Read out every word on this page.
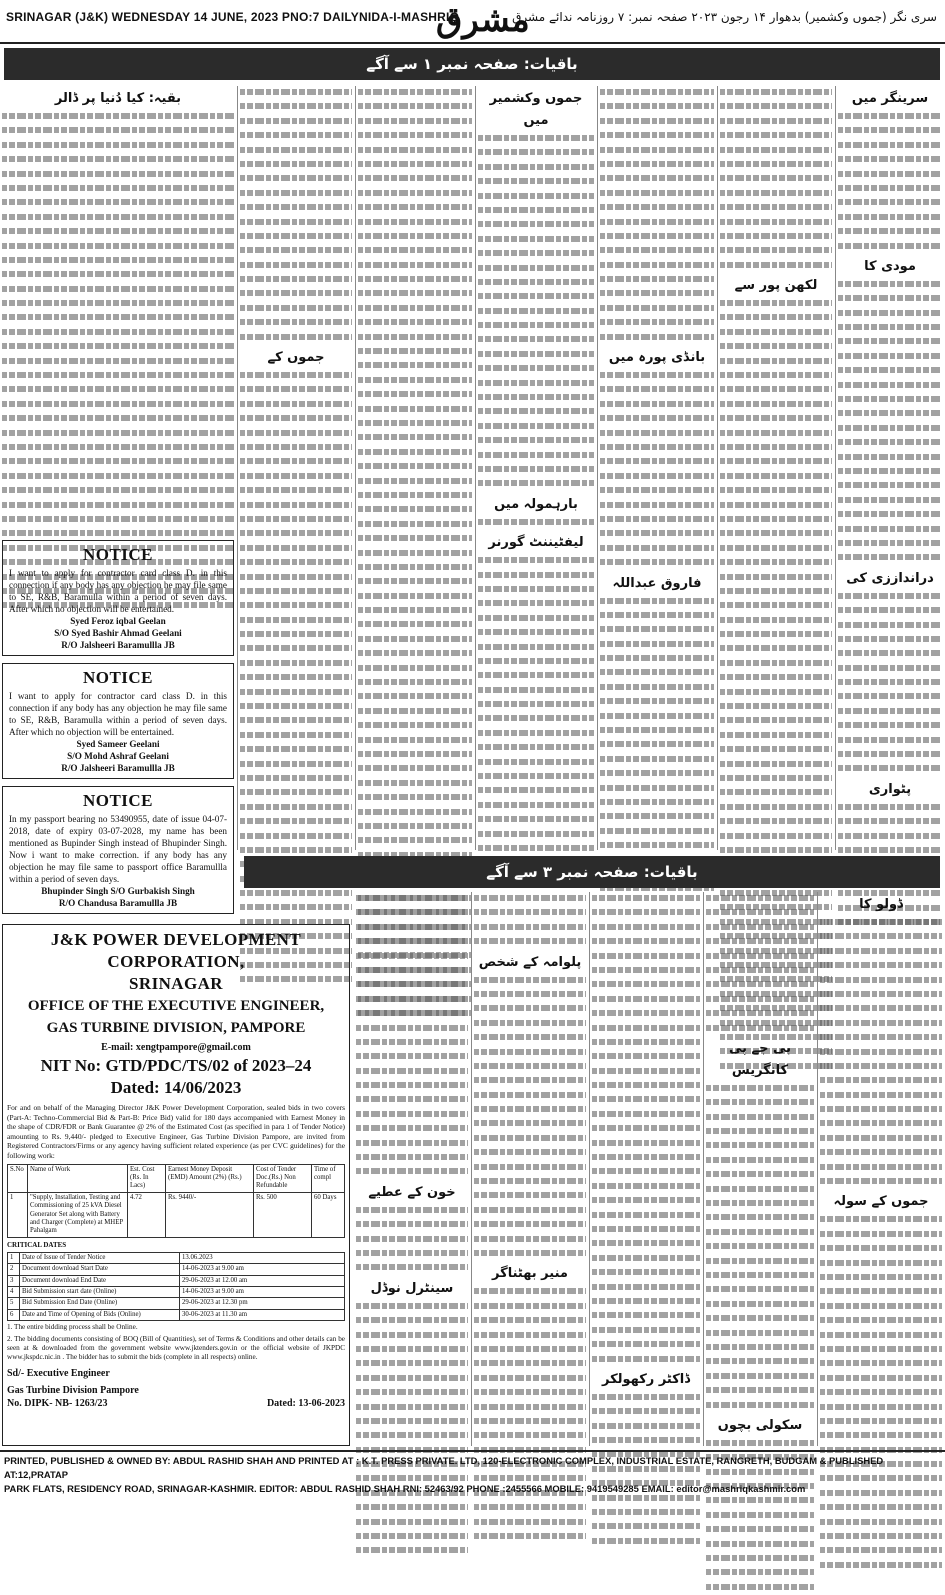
SRINAGAR (J&K) WEDNESDAY 14 JUNE, 2023 PNO:7 DAILYNIDA-I-MASHRIQ
مشرق
سری نگر (جموں وکشمیر) بدھوار ۱۴ رجون ۲۰۲۳ صفحہ نمبر: ۷ روزنامہ ندائے مشرق
باقیات: صفحہ نمبر ۱ سے آگے
سرینگر میں
مودی کا
درانداززی کی
پٹواری
لکھن پور سے
بانڈی پورہ میں
فاروق عبداللہ
جموں وکشمیر میں
بارہمولہ میں
لیفٹیننٹ گورنر
جموں کے
بقیہ: کیا دُنیا پر ڈالر
NOTICE
I want to apply for contractor card class D. in this connection if any body has any objection he may file same to SE, R&B, Baramulla within a period of seven days. After which no objection will be entertained.
Syed Feroz iqbal Geelan
S/O Syed Bashir Ahmad Geelani
R/O Jalsheeri Baramullla JB
NOTICE
I want to apply for contractor card class D. in this connection if any body has any objection he may file same to SE, R&B, Baramulla within a period of seven days. After which no objection will be entertained.
Syed Sameer Geelani
S/O Mohd Ashraf Geelani
R/O Jalsheeri Baramullla JB
NOTICE
In my passport bearing no 53490955, date of issue 04-07-2018, date of expiry 03-07-2028, my name has been mentioned as Bupinder Singh instead of Bhupinder Singh. Now i want to make correction. if any body has any objection he may file same to passport office Baramullla within a period of seven days.
Bhupinder Singh S/O Gurbakish Singh
R/O Chandusa Baramullla JB
باقیات: صفحہ نمبر ۳ سے آگے
ڈولو کا
جموں کے سولہ
بی جے پی کانگریس
سکولی بچوں
ڈاکٹر رکھولکر
پلوامہ کے شخص
منیر بھٹناگر
خون کے عطیے
سینٹرل نوڈل
J&K POWER DEVELOPMENT
CORPORATION,
SRINAGAR
OFFICE OF THE EXECUTIVE ENGINEER,
GAS TURBINE DIVISION, PAMPORE
E-mail: xengtpampore@gmail.com
NIT No: GTD/PDC/TS/02 of 2023–24
Dated: 14/06/2023
For and on behalf of the Managing Director J&K Power Development Corporation, sealed bids in two covers (Part-A: Techno-Commercial Bid & Part-B: Price Bid) valid for 180 days accompanied with Earnest Money in the shape of CDR/FDR or Bank Guarantee @ 2% of the Estimated Cost (as specified in para 1 of Tender Notice) amounting to Rs. 9,440/- pledged to Executive Engineer, Gas Turbine Division Pampore, are invited from Registered Contractors/Firms or any agency having sufficient related experience (as per CVC guidelines) for the following work:
S.No	Name of Work	Est. Cost (Rs. In Lacs)	Earnest Money Deposit (EMD) Amount (2%) (Rs.)	Cost of Tender Doc.(Rs.) Non Refundable	Time of compl
1	"Supply, Installation, Testing and Commissioning of 25 kVA Diesel Generator Set along with Battery and Charger (Complete) at MHEP Pahalgam	4.72	Rs. 9440/-	Rs. 500	60 Days
CRITICAL DATES
1	Date of Issue of Tender Notice	13.06.2023
2	Document download Start Date	14-06-2023 at 9.00 am
3	Document download End Date	29-06-2023 at 12.00 am
4	Bid Submission start date (Online)	14-06-2023 at 9.00 am
5	Bid Submission End Date (Online)	29-06-2023 at 12.30 pm
6	Date and Time of Opening of Bids (Online)	30-06-2023 at 11.30 am
1. The entire bidding process shall be Online.
2. The bidding documents consisting of BOQ (Bill of Quantities), set of Terms & Conditions and other details can be seen at & downloaded from the government website www.jktenders.gov.in or the official website of JKPDC www.jkspdc.nic.in . The bidder has to submit the bids (complete in all respects) online.
Sd/- Executive Engineer
Gas Turbine Division Pampore
No. DIPK- NB- 1263/23	Dated: 13-06-2023
PRINTED, PUBLISHED & OWNED BY: ABDUL RASHID SHAH AND PRINTED AT : K.T. PRESS PRIVATE. LTD, 120-ELECTRONIC COMPLEX, INDUSTRIAL ESTATE, RANGRETH, BUDGAM & PUBLISHED AT:12,PRATAP
PARK FLATS, RESIDENCY ROAD, SRINAGAR-KASHMIR. EDITOR: ABDUL RASHID SHAH RNI: 52463/92 PHONE :2455566 MOBILE: 9419549285 EMAIL: editor@mashriqkashmir.com
